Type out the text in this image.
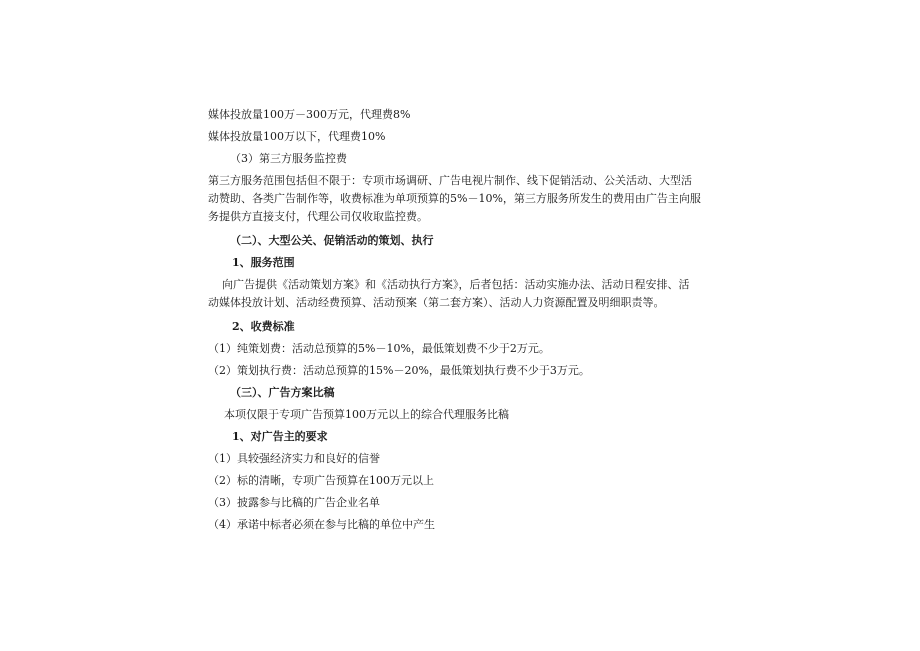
媒体投放量100万－300万元，代理费8%
媒体投放量100万以下，代理费10%
（3）第三方服务监控费
第三方服务范围包括但不限于：专项市场调研、广告电视片制作、线下促销活动、公关活动、大型活
动赞助、各类广告制作等，收费标准为单项预算的5%－10%，第三方服务所发生的费用由广告主向服
务提供方直接支付，代理公司仅收取监控费。
（二）、大型公关、促销活动的策划、执行
1、服务范围
向广告提供《活动策划方案》和《活动执行方案》，后者包括：活动实施办法、活动日程安排、活
动媒体投放计划、活动经费预算、活动预案（第二套方案）、活动人力资源配置及明细职责等。
2、收费标准
（1）纯策划费：活动总预算的5%－10%，最低策划费不少于2万元。
（2）策划执行费：活动总预算的15%－20%，最低策划执行费不少于3万元。
（三）、广告方案比稿
本项仅限于专项广告预算100万元以上的综合代理服务比稿
1、对广告主的要求
（1）具较强经济实力和良好的信誉
（2）标的清晰，专项广告预算在100万元以上
（3）披露参与比稿的广告企业名单
（4）承诺中标者必须在参与比稿的单位中产生
